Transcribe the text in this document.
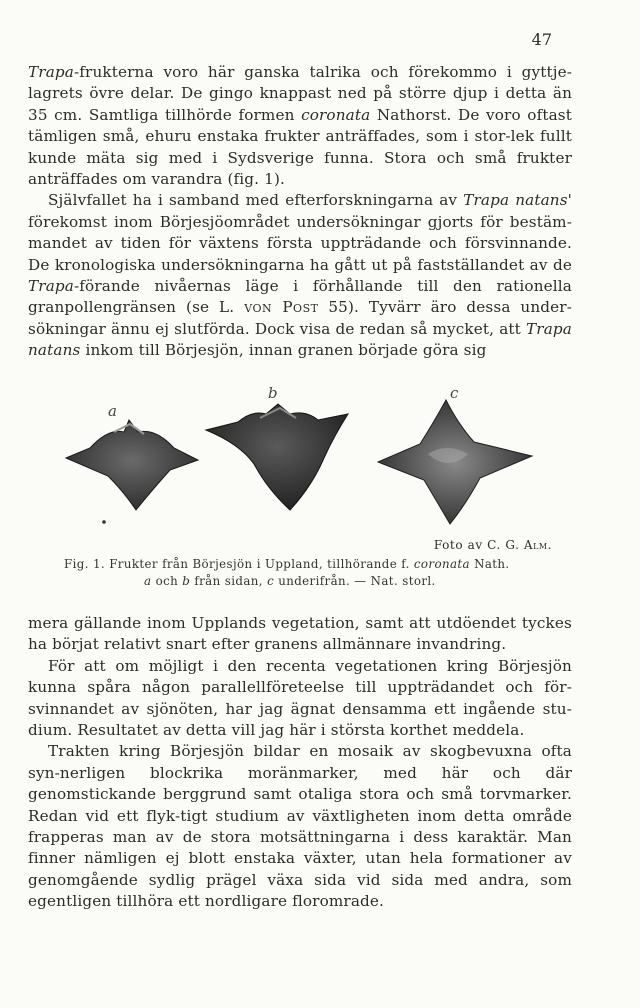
47

Trapa-frukterna voro här ganska talrika och förekommo i gyttje-lagrets övre delar. De gingo knappast ned på större djup i detta än 35 cm. Samtliga tillhörde formen coronata Nathorst. De voro oftast tämligen små, ehuru enstaka frukter anträffades, som i stor-lek fullt kunde mäta sig med i Sydsverige funna. Stora och små frukter anträffades om varandra (fig. 1).

Självfallet ha i samband med efterforskningarna av Trapa natans' förekomst inom Börjesjöområdet undersökningar gjorts för bestäm-mandet av tiden för växtens första uppträdande och försvinnande. De kronologiska undersökningarna ha gått ut på fastställandet av de Trapa-förande nivåernas läge i förhållande till den rationella granpollengränsen (se L. von Post 55). Tyvärr äro dessa under-sökningar ännu ej slutförda. Dock visa de redan så mycket, att Trapa natans inkom till Börjesjön, innan granen började göra sig

a
b	c
Foto av C. G. Alm.
Fig. 1. Frukter från Börjesjön i Uppland, tillhörande f. coronata Nath.
a och b från sidan, c underifrån. — Nat. storl.

mera gällande inom Upplands vegetation, samt att utdöendet tyckes ha börjat relativt snart efter granens allmännare invandring.

För att om möjligt i den recenta vegetationen kring Börjesjön kunna spåra någon parallellföreteelse till uppträdandet och för-svinnandet av sjönöten, har jag ägnat densamma ett ingående stu-dium. Resultatet av detta vill jag här i största korthet meddela.

Trakten kring Börjesjön bildar en mosaik av skogbevuxna ofta syn-nerligen blockrika moränmarker, med här och där genomstickande berggrund samt otaliga stora och små torvmarker. Redan vid ett flyk-tigt studium av växtligheten inom detta område frapperas man av de stora motsättningarna i dess karaktär. Man finner nämligen ej blott enstaka växter, utan hela formationer av genomgående sydlig prägel växa sida vid sida med andra, som egentligen tillhöra ett nordligare floromrade.
